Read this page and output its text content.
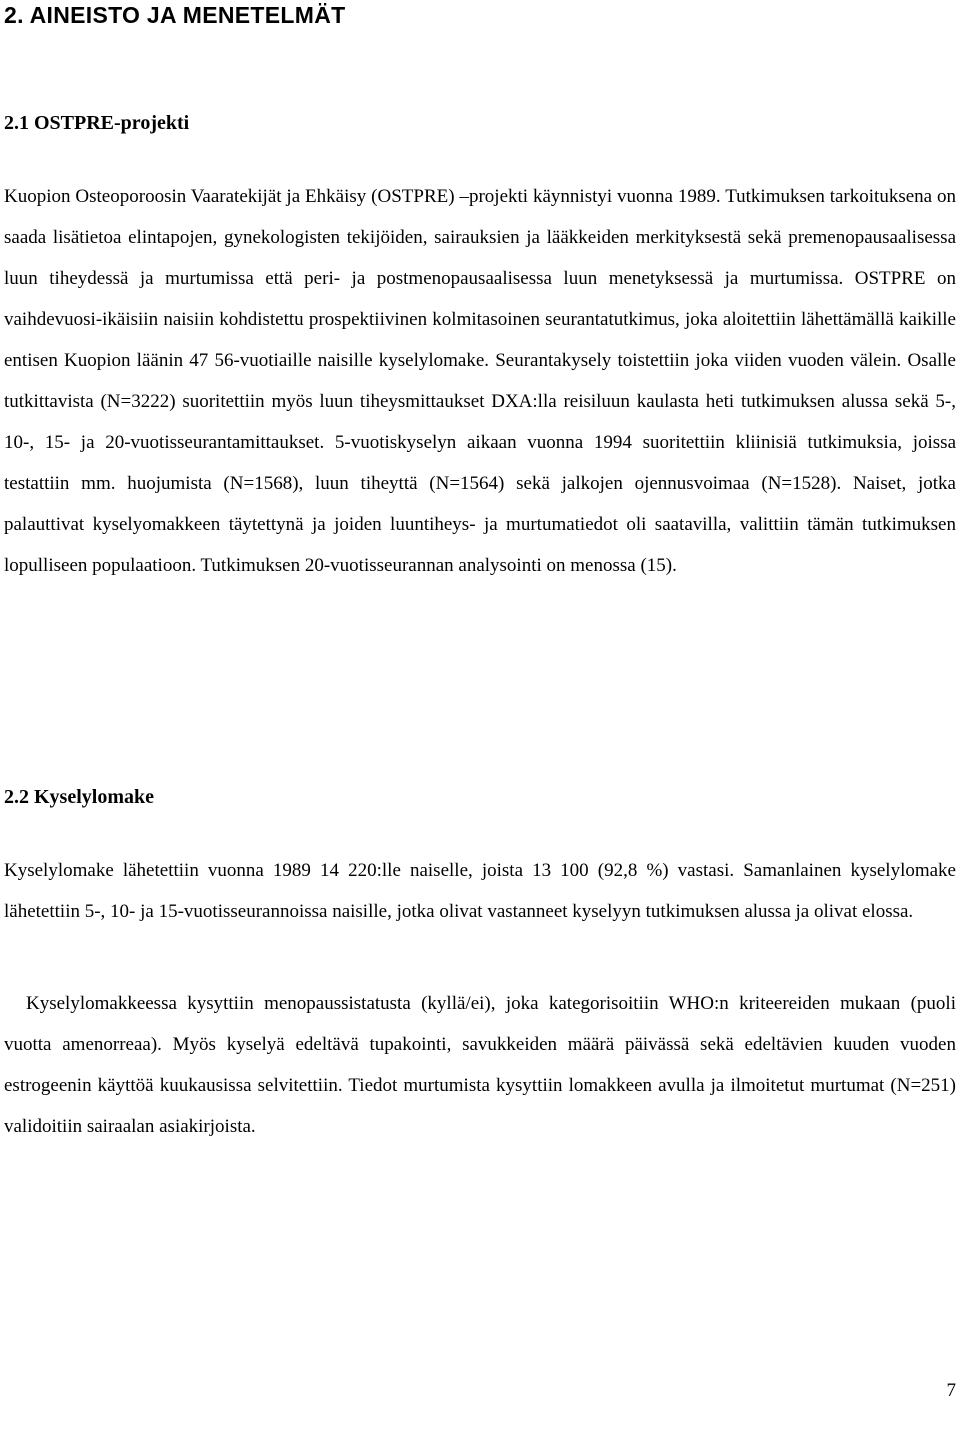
2. AINEISTO JA MENETELMÄT
2.1 OSTPRE-projekti

Kuopion Osteoporoosin Vaaratekijät ja Ehkäisy (OSTPRE) –projekti käynnistyi vuonna 1989. Tutkimuksen tarkoituksena on saada lisätietoa elintapojen, gynekologisten tekijöiden, sairauksien ja lääkkeiden merkityksestä sekä premenopausaalisessa luun tiheydessä ja murtumissa että peri- ja postmenopausaalisessa luun menetyksessä ja murtumissa. OSTPRE on vaihdevuosi-ikäisiin naisiin kohdistettu prospektiivinen kolmitasoinen seurantatutkimus, joka aloitettiin lähettämällä kaikille entisen Kuopion läänin 47 56-vuotiaille naisille kyselylomake. Seurantakysely toistettiin joka viiden vuoden välein. Osalle tutkittavista (N=3222) suoritettiin myös luun tiheysmittaukset DXA:lla reisiluun kaulasta heti tutkimuksen alussa sekä 5-, 10-, 15- ja 20-vuotisseurantamittaukset. 5-vuotiskyselyn aikaan vuonna 1994 suoritettiin kliinisiä tutkimuksia, joissa testattiin mm. huojumista (N=1568), luun tiheyttä (N=1564) sekä jalkojen ojennusvoimaa (N=1528). Naiset, jotka palauttivat kyselyomakkeen täytettynä ja joiden luuntiheys- ja murtumatiedot oli saatavilla, valittiin tämän tutkimuksen lopulliseen populaatioon. Tutkimuksen 20-vuotisseurannan analysointi on menossa (15).

2.2 Kyselylomake

Kyselylomake lähetettiin vuonna 1989 14 220:lle naiselle, joista 13 100 (92,8 %) vastasi. Samanlainen kyselylomake lähetettiin 5-, 10- ja 15-vuotisseurannoissa naisille, jotka olivat vastanneet kyselyyn tutkimuksen alussa ja olivat elossa.

Kyselylomakkeessa kysyttiin menopaussistatusta (kyllä/ei), joka kategorisoitiin WHO:n kriteereiden mukaan (puoli vuotta amenorreaa). Myös kyselyä edeltävä tupakointi, savukkeiden määrä päivässä sekä edeltävien kuuden vuoden estrogeenin käyttöä kuukausissa selvitettiin. Tiedot murtumista kysyttiin lomakkeen avulla ja ilmoitetut murtumat (N=251) validoitiin sairaalan asiakirjoista.

7
